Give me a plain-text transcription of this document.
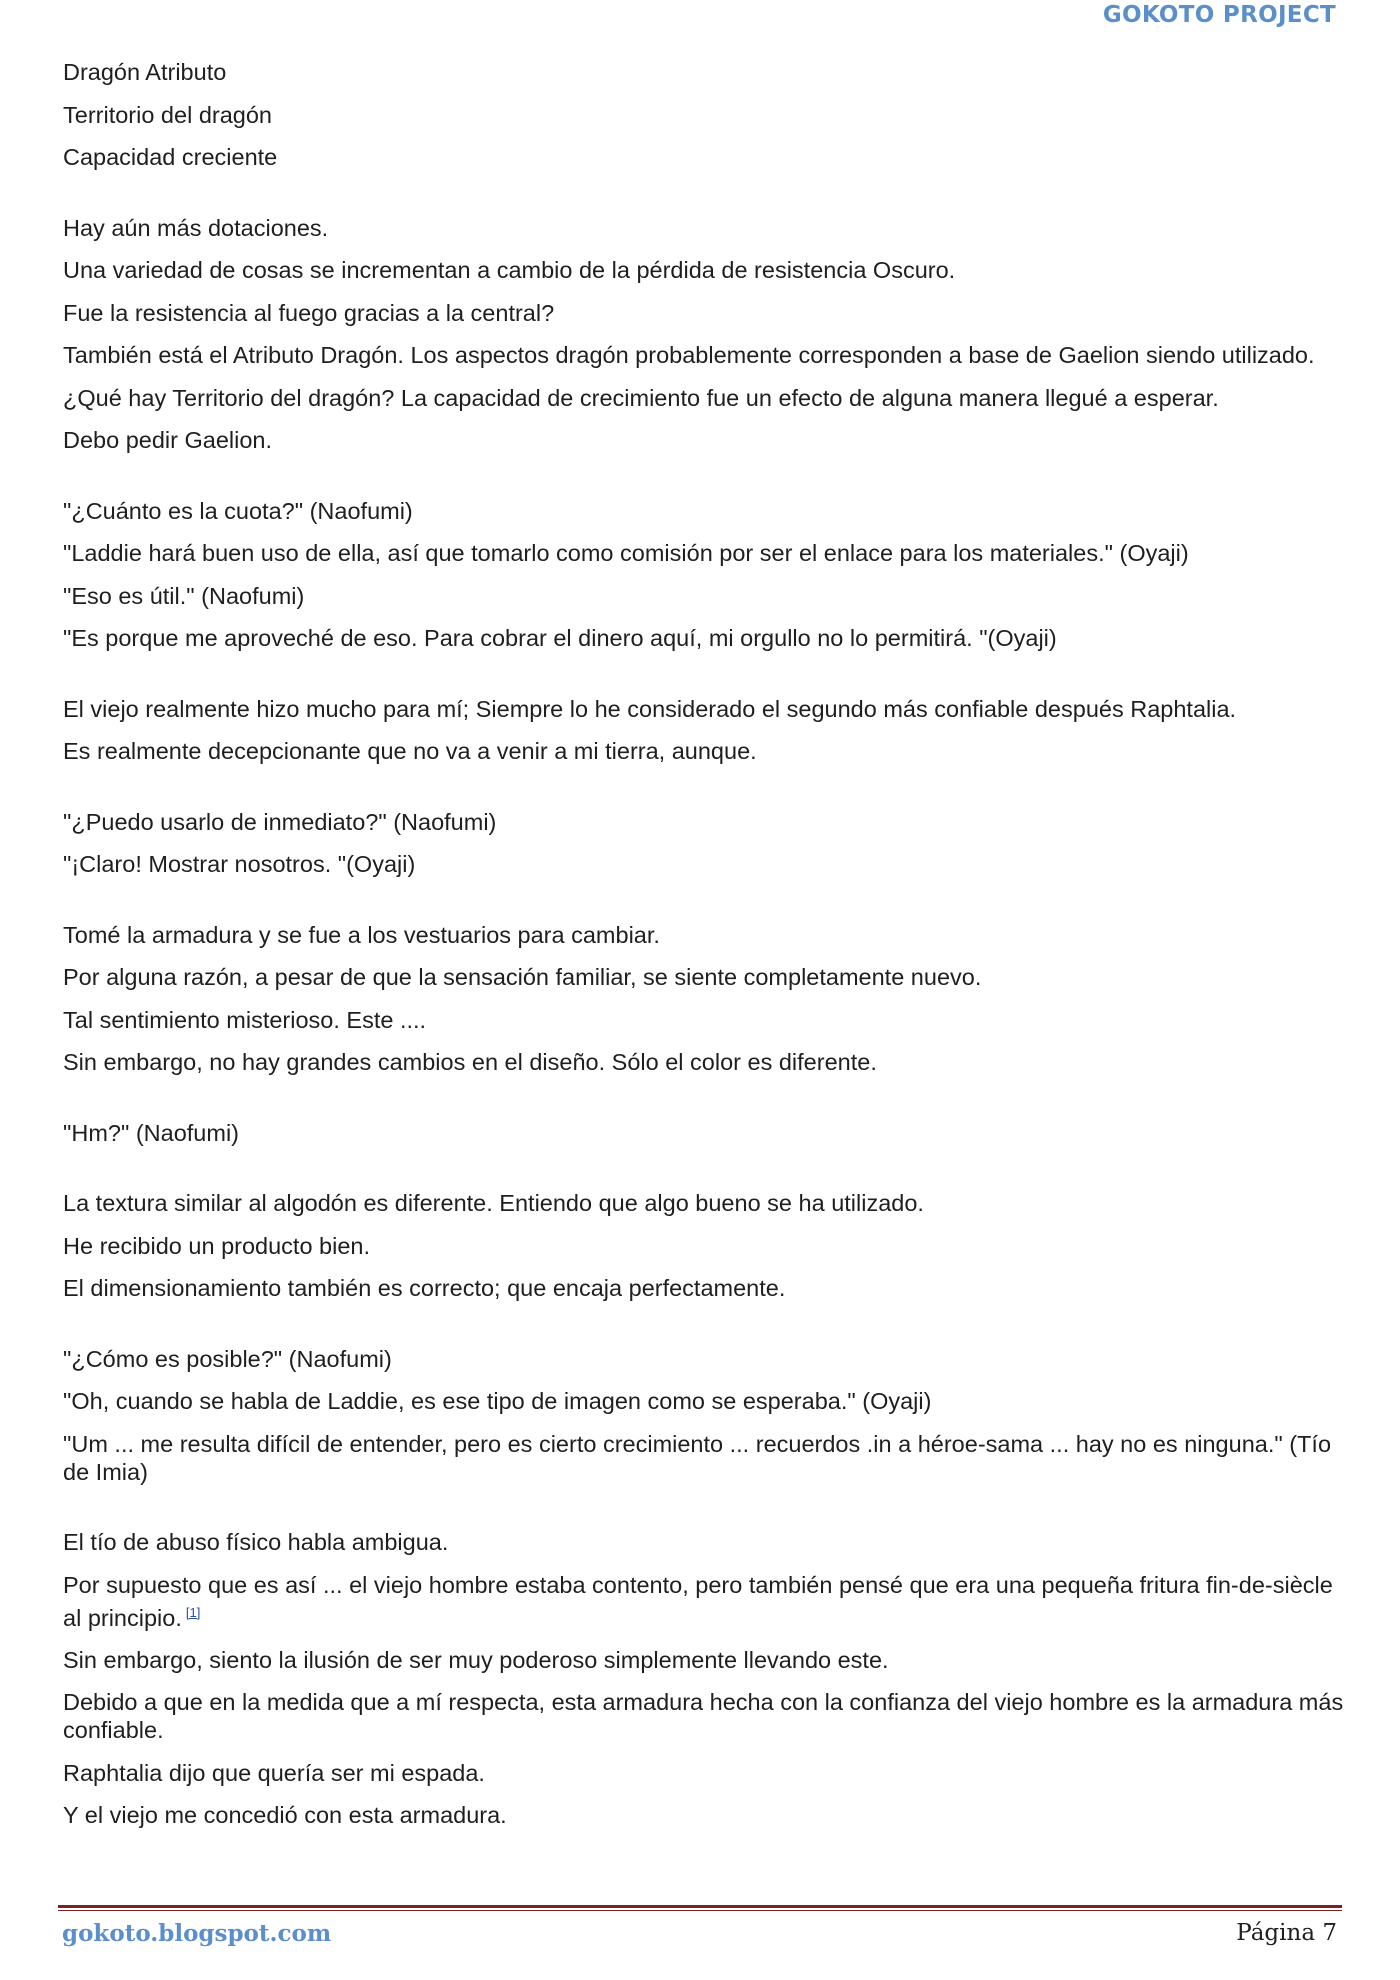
GOKOTO PROJECT

Dragón Atributo

Territorio del dragón

Capacidad creciente

Hay aún más dotaciones.

Una variedad de cosas se incrementan a cambio de la pérdida de resistencia Oscuro.

Fue la resistencia al fuego gracias a la central?

También está el Atributo Dragón. Los aspectos dragón probablemente corresponden a base de Gaelion siendo utilizado.

¿Qué hay Territorio del dragón? La capacidad de crecimiento fue un efecto de alguna manera llegué a esperar.

Debo pedir Gaelion.

"¿Cuánto es la cuota?" (Naofumi)

"Laddie hará buen uso de ella, así que tomarlo como comisión por ser el enlace para los materiales." (Oyaji)

"Eso es útil." (Naofumi)

"Es porque me aproveché de eso. Para cobrar el dinero aquí, mi orgullo no lo permitirá. "(Oyaji)

El viejo realmente hizo mucho para mí; Siempre lo he considerado el segundo más confiable después Raphtalia.

Es realmente decepcionante que no va a venir a mi tierra, aunque.

"¿Puedo usarlo de inmediato?" (Naofumi)

"¡Claro! Mostrar nosotros. "(Oyaji)

Tomé la armadura y se fue a los vestuarios para cambiar.

Por alguna razón, a pesar de que la sensación familiar, se siente completamente nuevo.

Tal sentimiento misterioso. Este ....

Sin embargo, no hay grandes cambios en el diseño. Sólo el color es diferente.

"Hm?" (Naofumi)

La textura similar al algodón es diferente. Entiendo que algo bueno se ha utilizado.

He recibido un producto bien.

El dimensionamiento también es correcto; que encaja perfectamente.

"¿Cómo es posible?" (Naofumi)

"Oh, cuando se habla de Laddie, es ese tipo de imagen como se esperaba." (Oyaji)

"Um ... me resulta difícil de entender, pero es cierto crecimiento ... recuerdos .in a héroe-sama ... hay no es ninguna." (Tío de Imia)

El tío de abuso físico habla ambigua.

Por supuesto que es así ... el viejo hombre estaba contento, pero también pensé que era una pequeña fritura fin-de-siècle al principio. [1]

Sin embargo, siento la ilusión de ser muy poderoso simplemente llevando este.

Debido a que en la medida que a mí respecta, esta armadura hecha con la confianza del viejo hombre es la armadura más confiable.

Raphtalia dijo que quería ser mi espada.

Y el viejo me concedió con esta armadura.

gokoto.blogspot.com	Página 7
